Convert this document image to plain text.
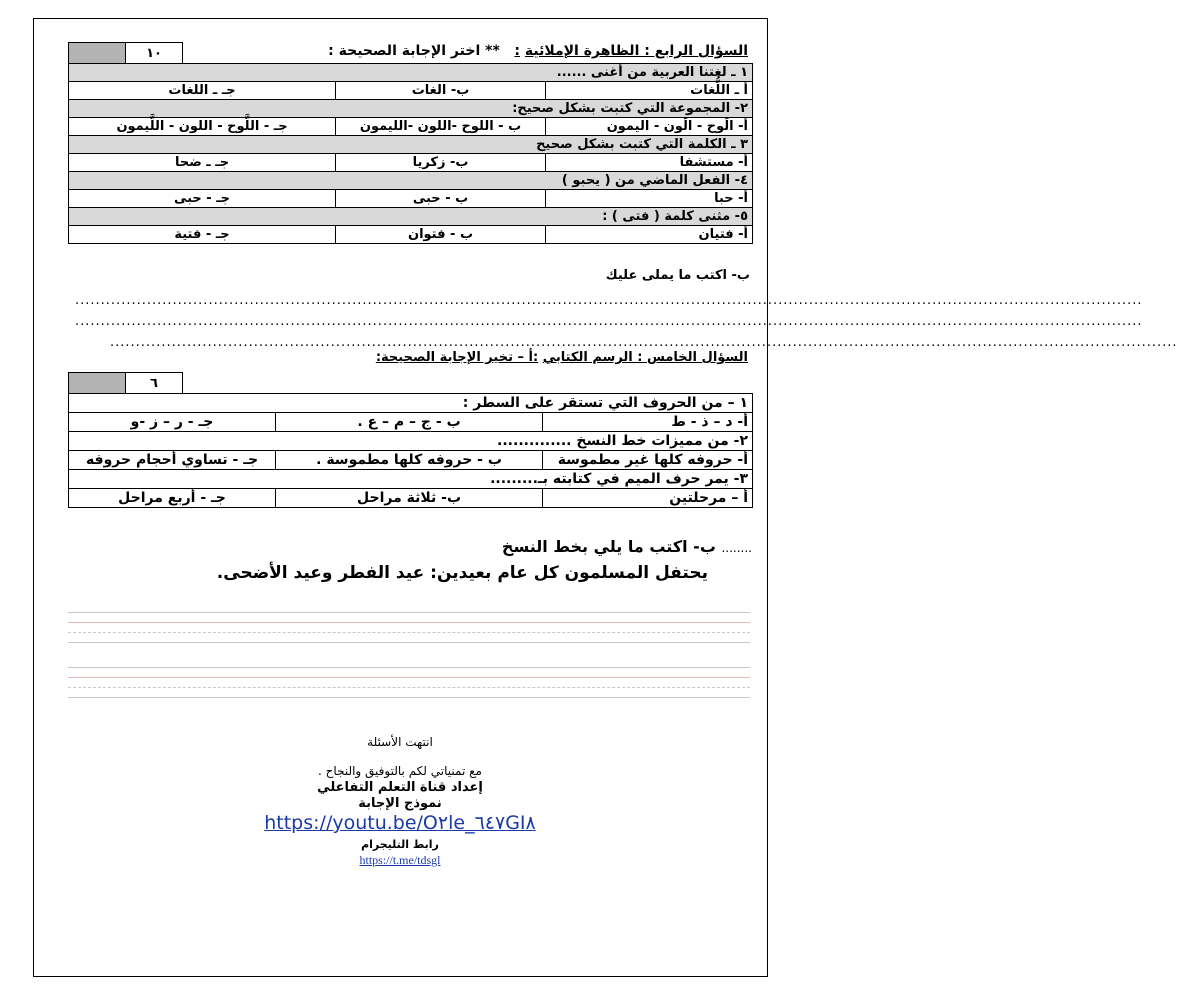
	١٠	السؤال الرابع : الظاهرة الإملائية :   ** اختر الإجابة الصحيحة :
١ ـ لغتنا العربية من أغنى ......		
أ ـ اللُّغات	ب- الغات	جـ ـ اللغات
٢- المجموعة التي كتبت بشكل صحيح:		
أ- الَوح - الَون - اليمون	ب - اللوح -اللون -الليمون	جـ - اللَّوح - اللون - اللَّيمون
٣ ـ الكلمة التي كتبت بشكل صحيح		
أ- مستشفا	ب- زكريا	جـ ـ ضحا
٤- الفعل الماضي من ( يحبو )		
أ- حبا	ب - حبى	جـ - حبى
٥- مثنى كلمة ( فتى ) :		
أ- فتيان	ب - فتوان	جـ - فتية
ب- اكتب ما يملى عليك
................................................................................................................................................................................................................
................................................................................................................................................................................................................
................................................................................................................................................................................................................
السؤال الخامس : الرسم الكتابي :أ – تخير الإجابة الصحيحة:
	٦
١ – من الحروف التي تستقر على السطر :		
أ- د – ذ - ط	ب - ج – م – ع .	جـ - ر – ز -و
٢- من مميزات خط النسخ ..............		
أ- حروفه كلها غير مطموسة	ب - حروفه كلها مطموسة .	جـ - تساوي أحجام حروفه
٣- يمر حرف الميم في كتابته بـ.........		
أ – مرحلتين	ب- ثلاثة مراحل	جـ - أربع مراحل
........ ب- اكتب ما يلي بخط النسخ
يحتفل المسلمون كل عام بعيدين: عيد الفطر وعيد الأضحى.
انتهت الأسئلة
مع تمنياتي لكم بالتوفيق والنجاح .
إعداد قناة التعلم التفاعلي
نموذج الإجابة
https://youtu.be/O٢le_٦٤٧GI٨
رابط التليجرام
https://t.me/tdsgl
